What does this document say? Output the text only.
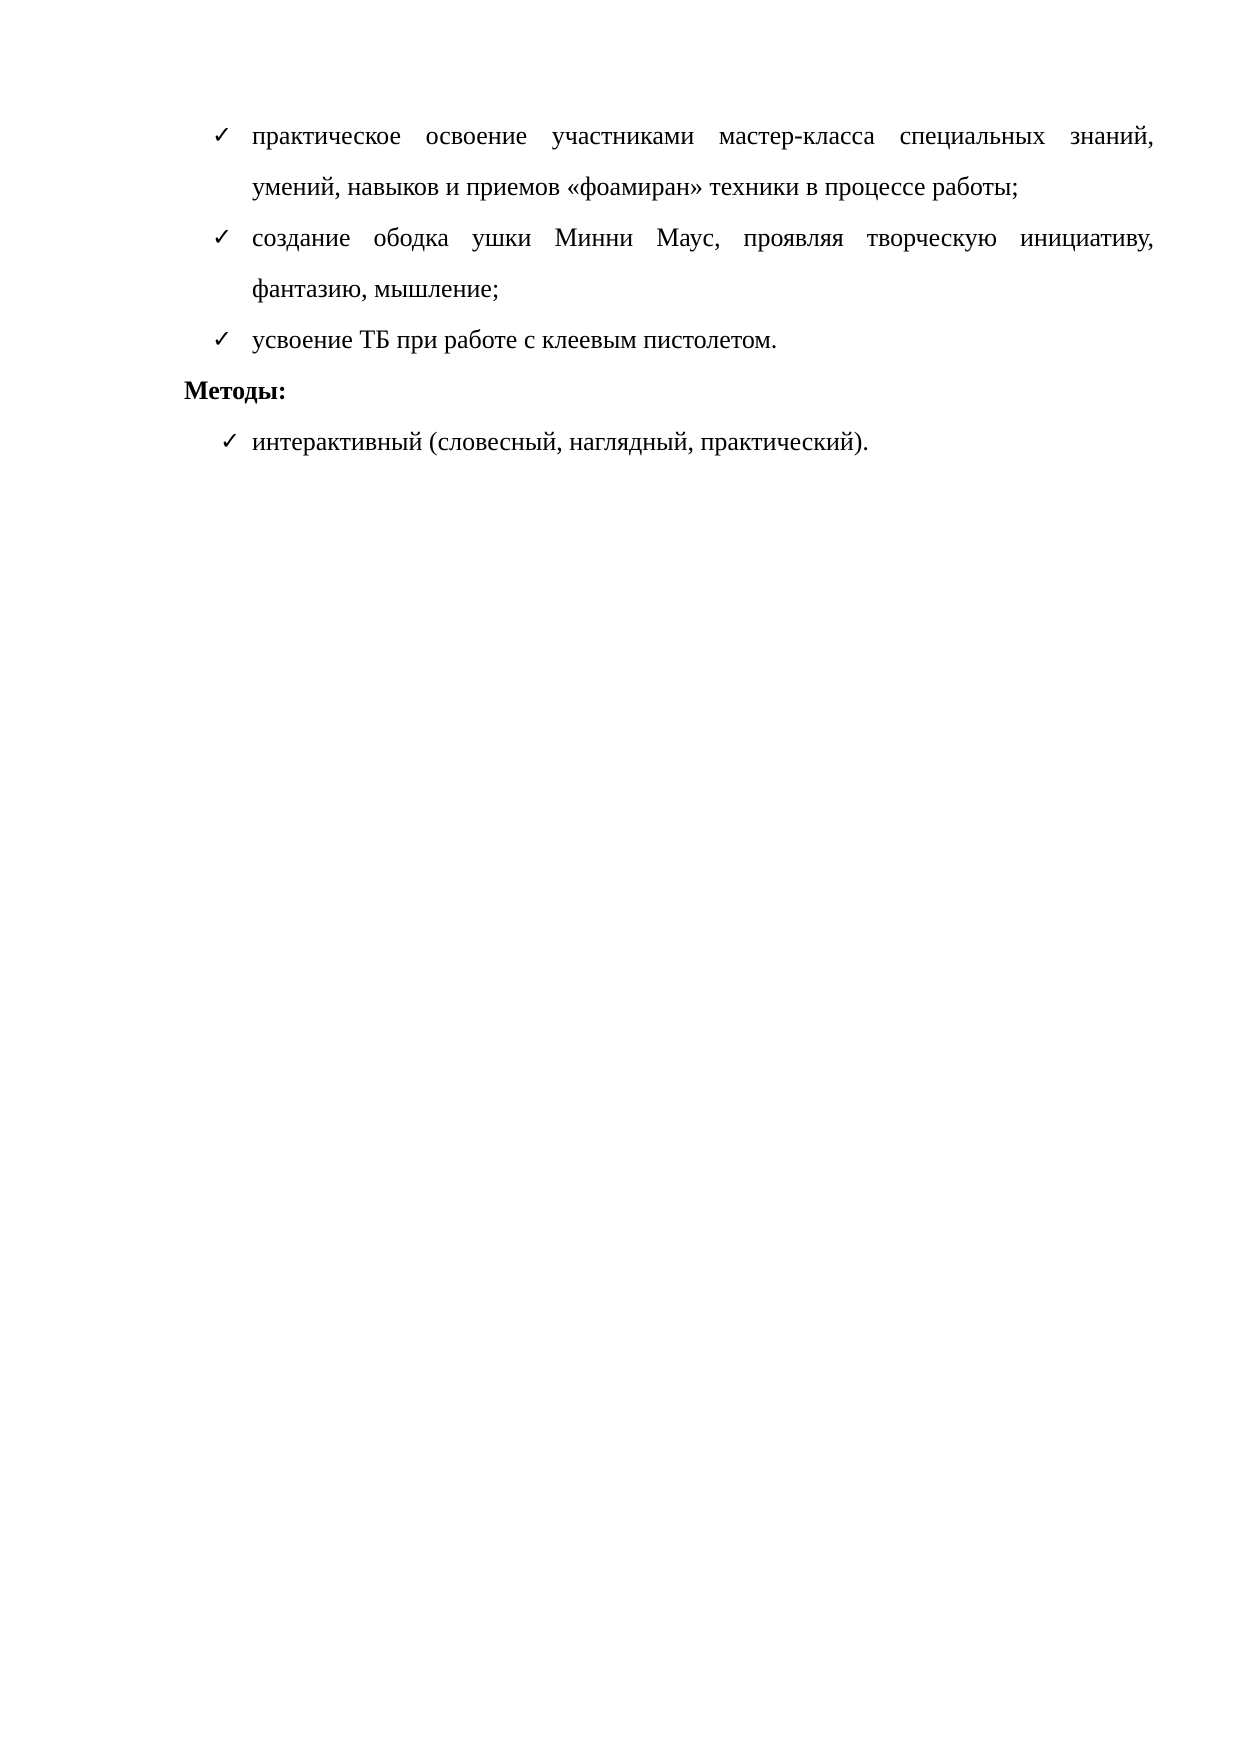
✓ практическое освоение участниками мастер-класса специальных знаний, умений, навыков и приемов «фоамиран» техники в процессе работы;
✓ создание ободка ушки Минни Маус, проявляя творческую инициативу, фантазию, мышление;
✓ усвоение ТБ при работе с клеевым пистолетом.

Методы:

✓ интерактивный (словесный, наглядный, практический).
